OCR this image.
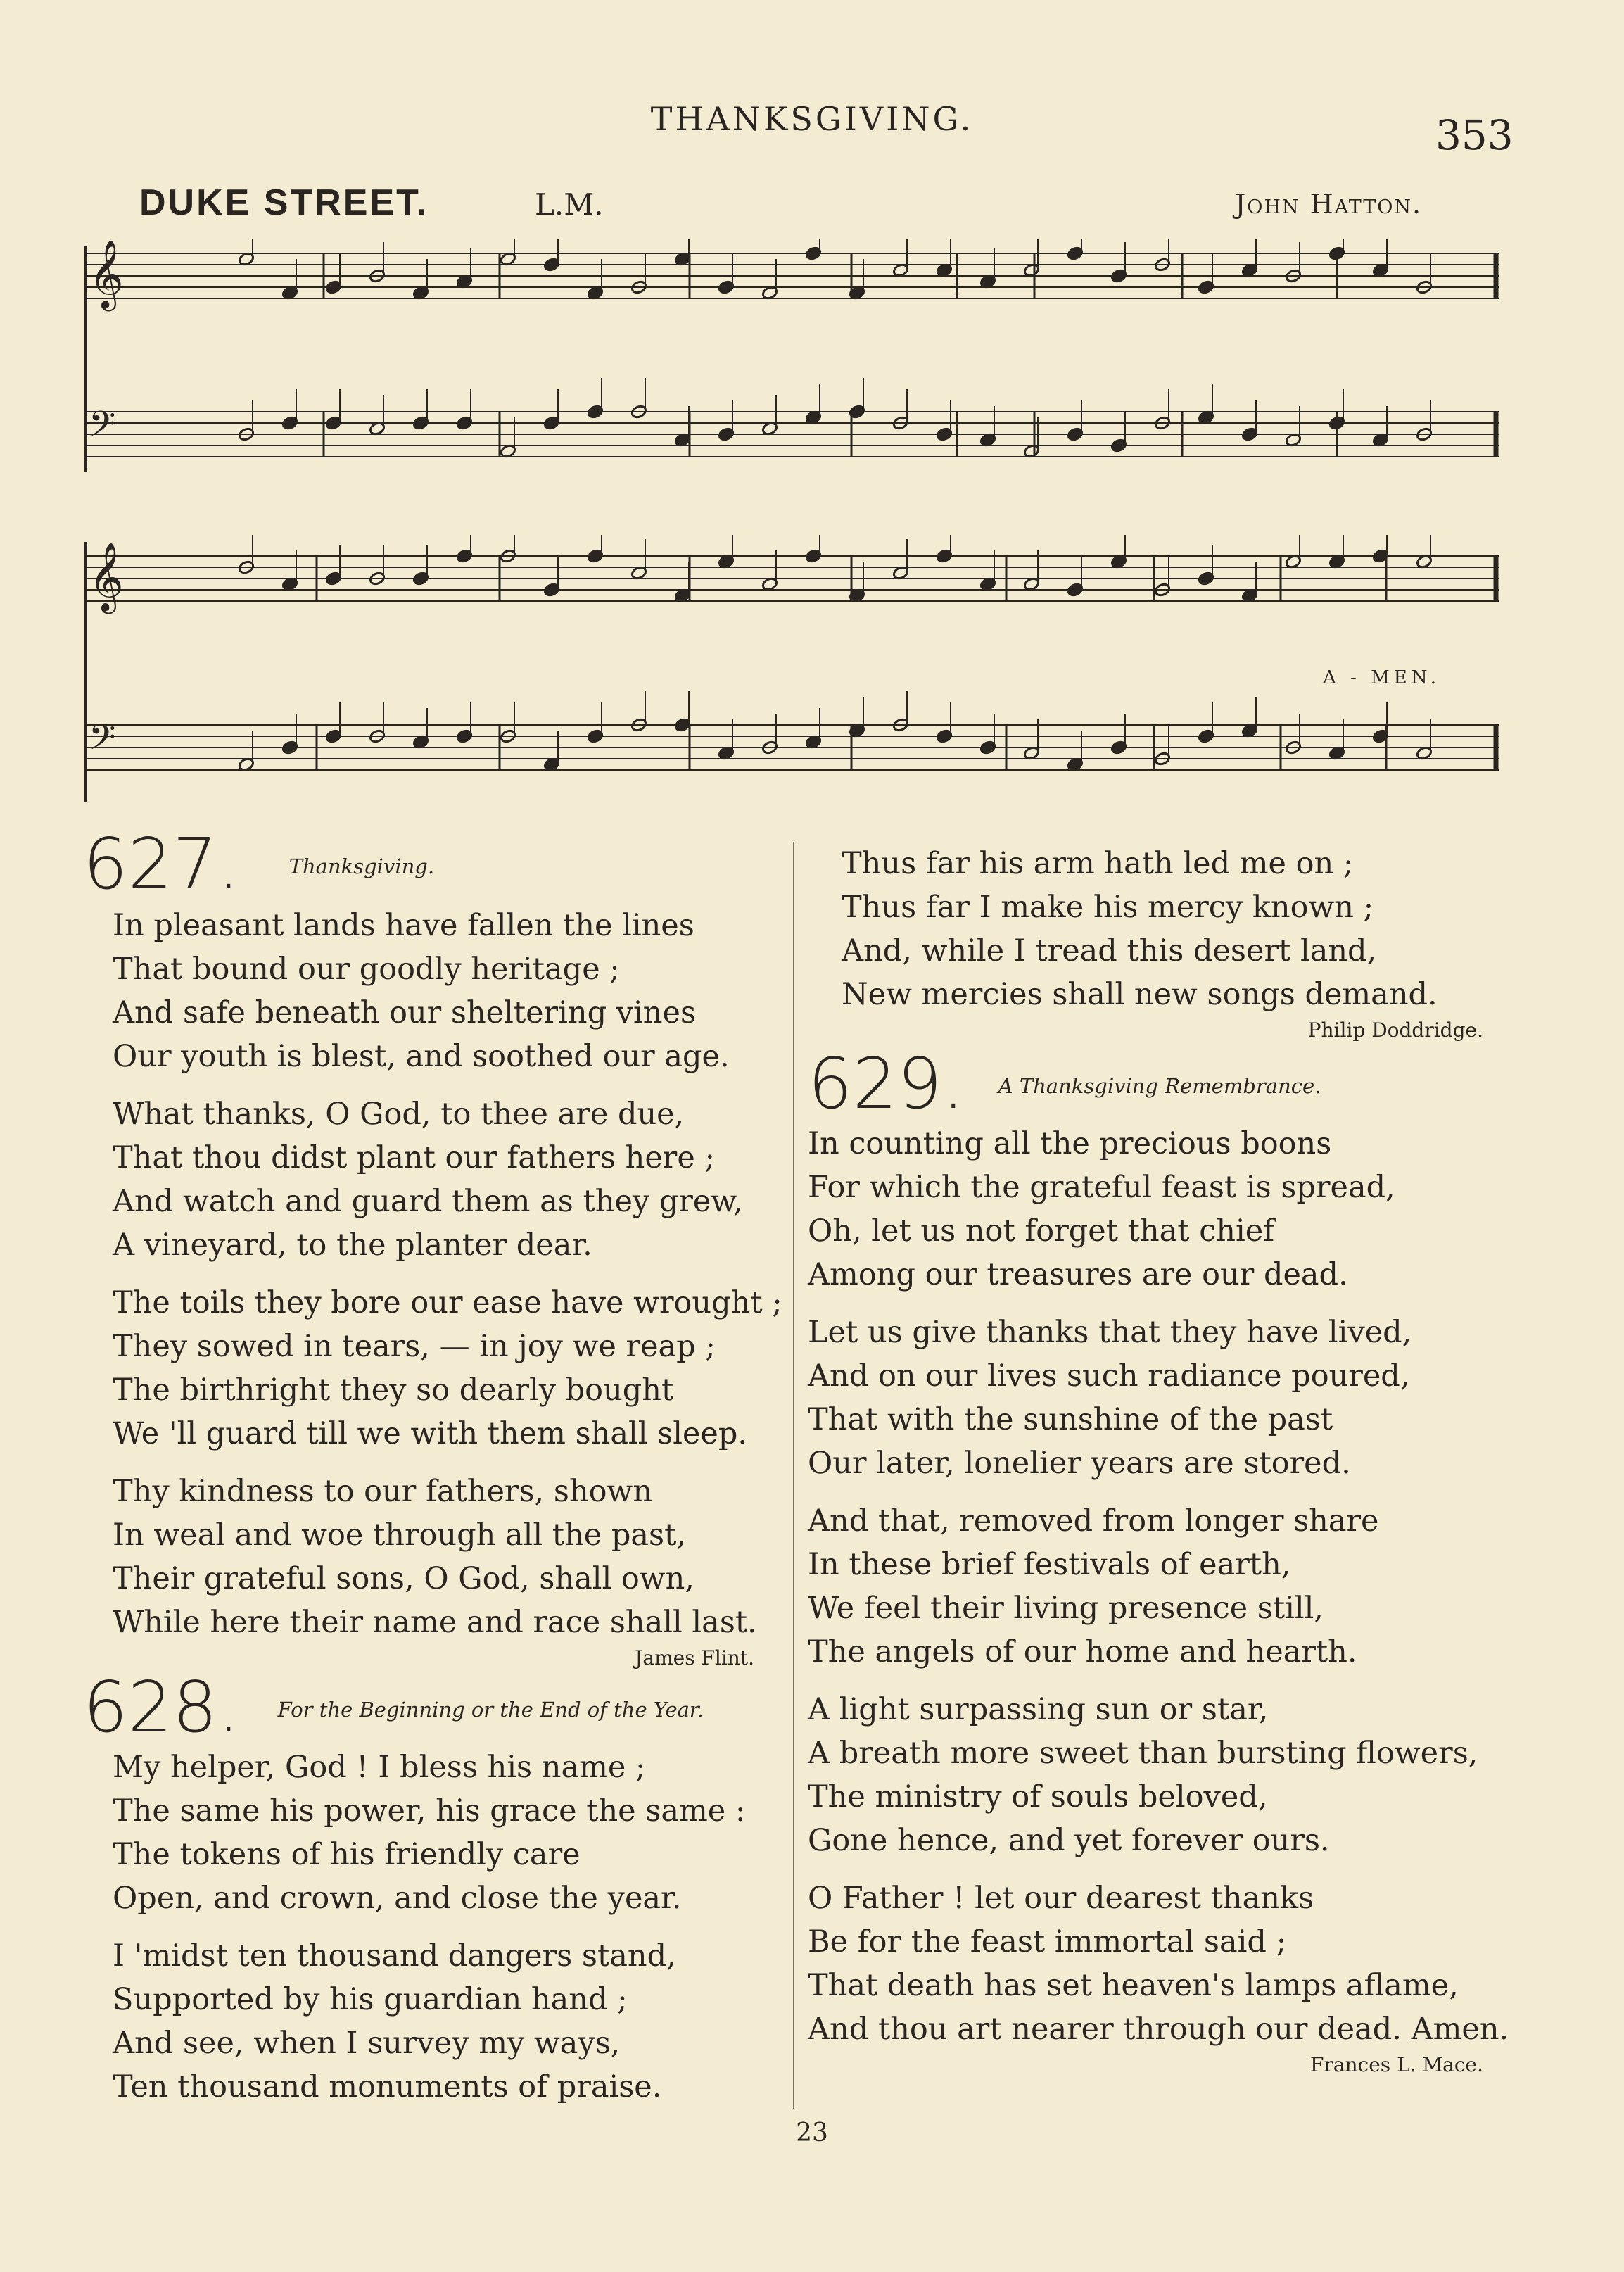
THANKSGIVING.	353
DUKE STREET.	L.M.	John Hatton.
𝄞
𝄢
𝄞
𝄢
A - MEN.
627. Thanksgiving.
In pleasant lands have fallen the lines
That bound our goodly heritage ;
And safe beneath our sheltering vines
Our youth is blest, and soothed our age.
What thanks, O God, to thee are due,
That thou didst plant our fathers here ;
And watch and guard them as they grew,
A vineyard, to the planter dear.
The toils they bore our ease have wrought ;
They sowed in tears, — in joy we reap ;
The birthright they so dearly bought
We 'll guard till we with them shall sleep.
Thy kindness to our fathers, shown
In weal and woe through all the past,
Their grateful sons, O God, shall own,
While here their name and race shall last.
James Flint.
628. For the Beginning or the End of the Year.
My helper, God ! I bless his name ;
The same his power, his grace the same :
The tokens of his friendly care
Open, and crown, and close the year.
I 'midst ten thousand dangers stand,
Supported by his guardian hand ;
And see, when I survey my ways,
Ten thousand monuments of praise.
Thus far his arm hath led me on ;
Thus far I make his mercy known ;
And, while I tread this desert land,
New mercies shall new songs demand.
Philip Doddridge.
629. A Thanksgiving Remembrance.
In counting all the precious boons
For which the grateful feast is spread,
Oh, let us not forget that chief
Among our treasures are our dead.
Let us give thanks that they have lived,
And on our lives such radiance poured,
That with the sunshine of the past
Our later, lonelier years are stored.
And that, removed from longer share
In these brief festivals of earth,
We feel their living presence still,
The angels of our home and hearth.
A light surpassing sun or star,
A breath more sweet than bursting flowers,
The ministry of souls beloved,
Gone hence, and yet forever ours.
O Father ! let our dearest thanks
Be for the feast immortal said ;
That death has set heaven's lamps aflame,
And thou art nearer through our dead. Amen.
Frances L. Mace.
23
